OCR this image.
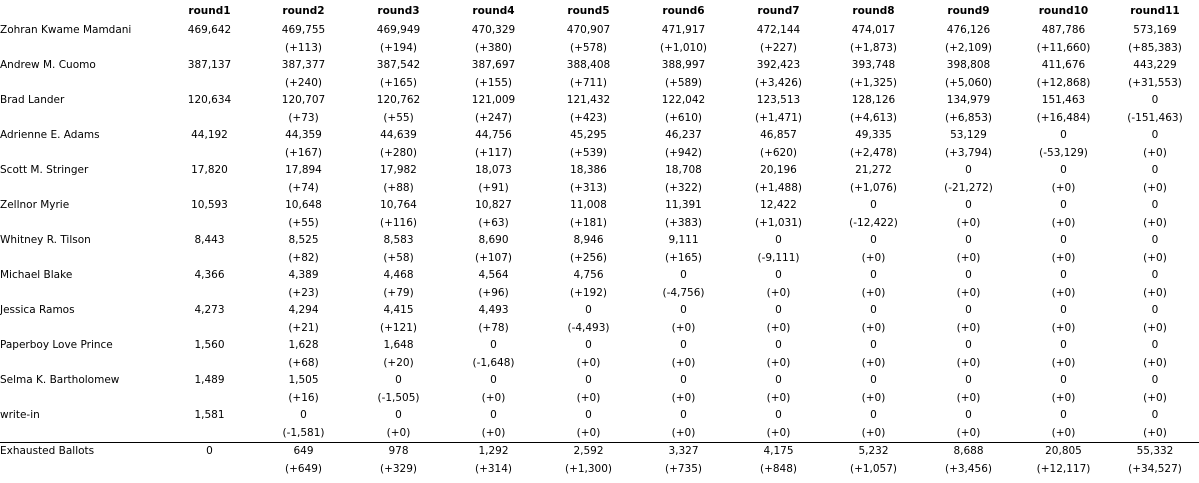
	round1	round2	round3	round4	round5	round6	round7	round8	round9	round10	round11
Zohran Kwame Mamdani	469,642	469,755	469,949	470,329	470,907	471,917	472,144	474,017	476,126	487,786	573,169
		(+113)	(+194)	(+380)	(+578)	(+1,010)	(+227)	(+1,873)	(+2,109)	(+11,660)	(+85,383)
Andrew M. Cuomo	387,137	387,377	387,542	387,697	388,408	388,997	392,423	393,748	398,808	411,676	443,229
		(+240)	(+165)	(+155)	(+711)	(+589)	(+3,426)	(+1,325)	(+5,060)	(+12,868)	(+31,553)
Brad Lander	120,634	120,707	120,762	121,009	121,432	122,042	123,513	128,126	134,979	151,463	0
		(+73)	(+55)	(+247)	(+423)	(+610)	(+1,471)	(+4,613)	(+6,853)	(+16,484)	(-151,463)
Adrienne E. Adams	44,192	44,359	44,639	44,756	45,295	46,237	46,857	49,335	53,129	0	0
		(+167)	(+280)	(+117)	(+539)	(+942)	(+620)	(+2,478)	(+3,794)	(-53,129)	(+0)
Scott M. Stringer	17,820	17,894	17,982	18,073	18,386	18,708	20,196	21,272	0	0	0
		(+74)	(+88)	(+91)	(+313)	(+322)	(+1,488)	(+1,076)	(-21,272)	(+0)	(+0)
Zellnor Myrie	10,593	10,648	10,764	10,827	11,008	11,391	12,422	0	0	0	0
		(+55)	(+116)	(+63)	(+181)	(+383)	(+1,031)	(-12,422)	(+0)	(+0)	(+0)
Whitney R. Tilson	8,443	8,525	8,583	8,690	8,946	9,111	0	0	0	0	0
		(+82)	(+58)	(+107)	(+256)	(+165)	(-9,111)	(+0)	(+0)	(+0)	(+0)
Michael Blake	4,366	4,389	4,468	4,564	4,756	0	0	0	0	0	0
		(+23)	(+79)	(+96)	(+192)	(-4,756)	(+0)	(+0)	(+0)	(+0)	(+0)
Jessica Ramos	4,273	4,294	4,415	4,493	0	0	0	0	0	0	0
		(+21)	(+121)	(+78)	(-4,493)	(+0)	(+0)	(+0)	(+0)	(+0)	(+0)
Paperboy Love Prince	1,560	1,628	1,648	0	0	0	0	0	0	0	0
		(+68)	(+20)	(-1,648)	(+0)	(+0)	(+0)	(+0)	(+0)	(+0)	(+0)
Selma K. Bartholomew	1,489	1,505	0	0	0	0	0	0	0	0	0
		(+16)	(-1,505)	(+0)	(+0)	(+0)	(+0)	(+0)	(+0)	(+0)	(+0)
write-in	1,581	0	0	0	0	0	0	0	0	0	0
		(-1,581)	(+0)	(+0)	(+0)	(+0)	(+0)	(+0)	(+0)	(+0)	(+0)
Exhausted Ballots	0	649	978	1,292	2,592	3,327	4,175	5,232	8,688	20,805	55,332
		(+649)	(+329)	(+314)	(+1,300)	(+735)	(+848)	(+1,057)	(+3,456)	(+12,117)	(+34,527)
